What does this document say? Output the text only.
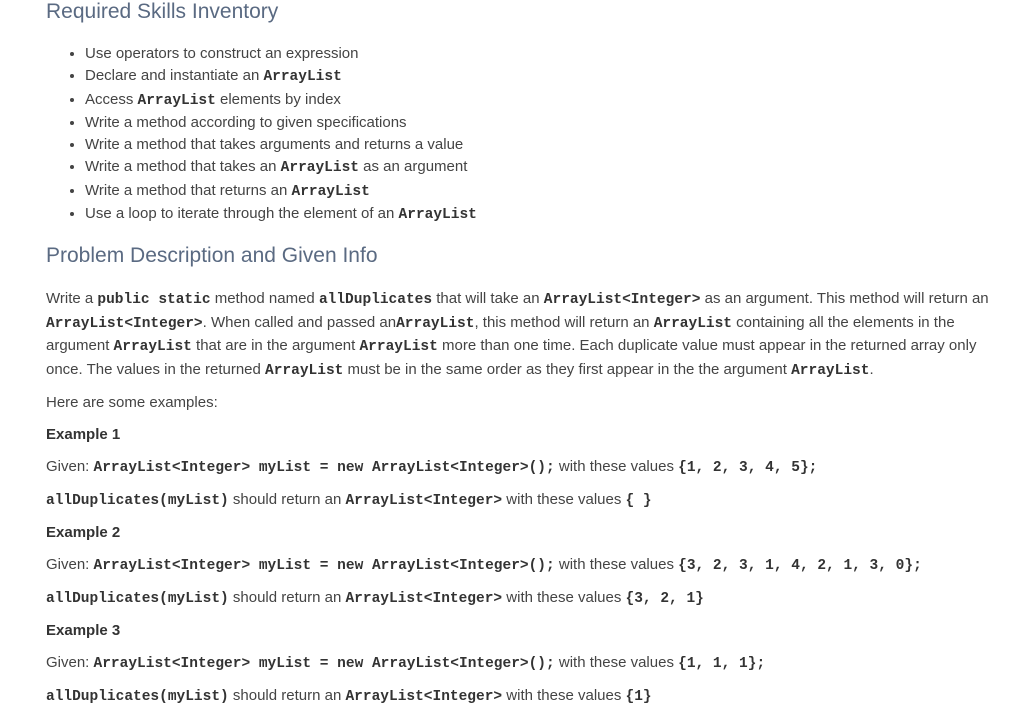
Required Skills Inventory
• Use operators to construct an expression
• Declare and instantiate an ArrayList
• Access ArrayList elements by index
• Write a method according to given specifications
• Write a method that takes arguments and returns a value
• Write a method that takes an ArrayList as an argument
• Write a method that returns an ArrayList
• Use a loop to iterate through the element of an ArrayList
Problem Description and Given Info

Write a public static method named allDuplicates that will take an ArrayList<Integer> as an argument. This method will return an ArrayList<Integer>. When called and passed anArrayList, this method will return an ArrayList containing all the elements in the argument ArrayList that are in the argument ArrayList more than one time. Each duplicate value must appear in the returned array only once. The values in the returned ArrayList must be in the same order as they first appear in the the argument ArrayList.

Here are some examples:

Example 1

Given: ArrayList<Integer> myList = new ArrayList<Integer>(); with these values {1, 2, 3, 4, 5};

allDuplicates(myList) should return an ArrayList<Integer> with these values { }

Example 2

Given: ArrayList<Integer> myList = new ArrayList<Integer>(); with these values {3, 2, 3, 1, 4, 2, 1, 3, 0};

allDuplicates(myList) should return an ArrayList<Integer> with these values {3, 2, 1}

Example 3

Given: ArrayList<Integer> myList = new ArrayList<Integer>(); with these values {1, 1, 1};

allDuplicates(myList) should return an ArrayList<Integer> with these values {1}
